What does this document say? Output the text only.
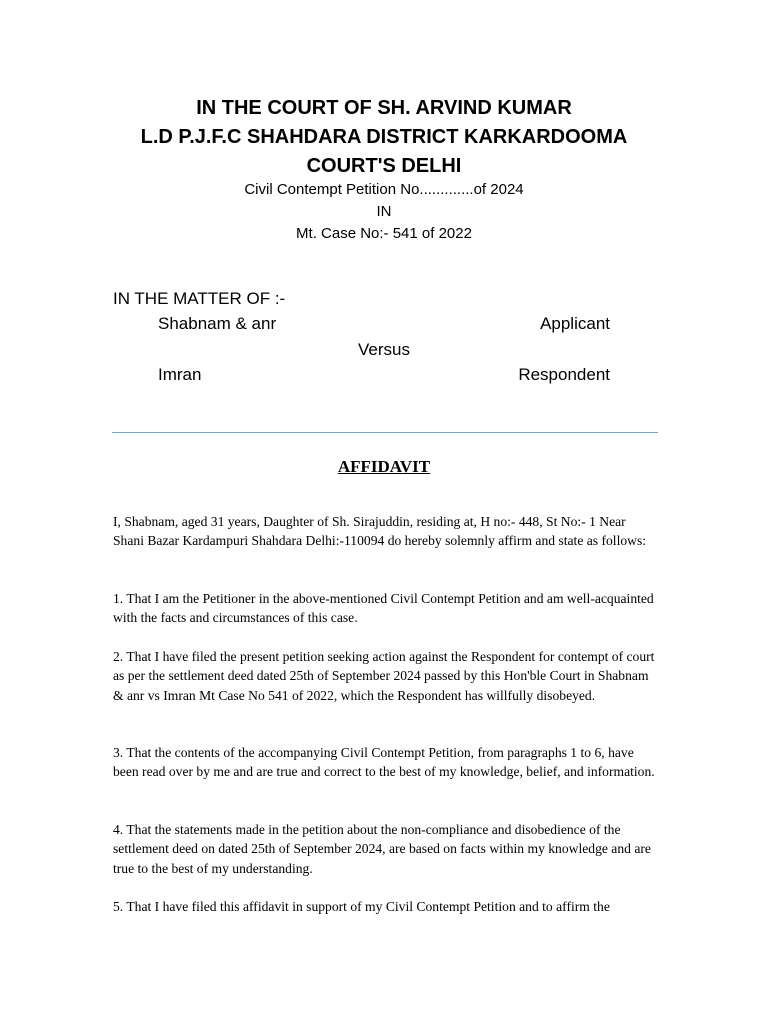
IN THE COURT OF SH. ARVIND KUMAR
L.D P.J.F.C SHAHDARA DISTRICT KARKARDOOMA
COURT'S DELHI
Civil Contempt Petition No.............of 2024
IN
Mt. Case No:- 541 of 2022
IN THE MATTER OF :-
Shabnam & anr	Applicant
Versus
Imran	Respondent
AFFIDAVIT

I, Shabnam, aged 31 years, Daughter of Sh. Sirajuddin, residing at, H no:- 448, St No:- 1 Near Shani Bazar Kardampuri Shahdara Delhi:-110094 do hereby solemnly affirm and state as follows:

1. That I am the Petitioner in the above-mentioned Civil Contempt Petition and am well-acquainted with the facts and circumstances of this case.

2. That I have filed the present petition seeking action against the Respondent for contempt of court as per the settlement deed dated 25th of September 2024 passed by this Hon'ble Court in Shabnam & anr vs Imran Mt Case No 541 of 2022, which the Respondent has willfully disobeyed.

3. That the contents of the accompanying Civil Contempt Petition, from paragraphs 1 to 6, have been read over by me and are true and correct to the best of my knowledge, belief, and information.

4. That the statements made in the petition about the non-compliance and disobedience of the settlement deed on dated 25th of September 2024, are based on facts within my knowledge and are true to the best of my understanding.

5. That I have filed this affidavit in support of my Civil Contempt Petition and to affirm the
